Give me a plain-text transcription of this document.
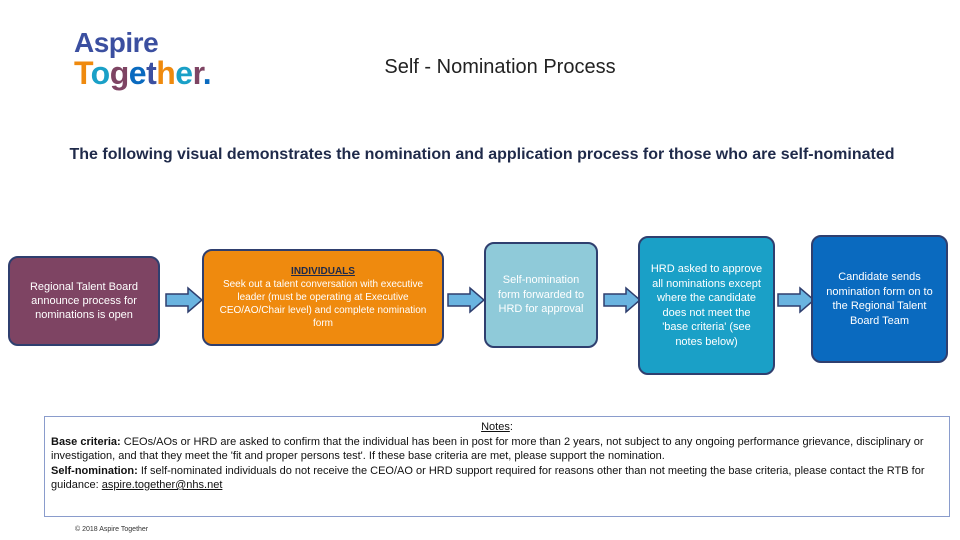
Aspire
Together.	Self - Nomination Process
The following visual demonstrates the nomination and application process for those who are self-nominated
Regional Talent Board announce process for nominations is open
INDIVIDUALS
Seek out a talent conversation with executive leader (must be operating at Executive CEO/AO/Chair level) and complete nomination form
Self-nomination form forwarded to HRD for approval
HRD asked to approve all nominations except where the candidate does not meet the 'base criteria' (see notes below)
Candidate sends nomination form on to the Regional Talent Board Team
Notes:
Base criteria: CEOs/AOs or HRD are asked to confirm that the individual has been in post for more than 2 years, not subject to any ongoing performance grievance, disciplinary or investigation, and that they meet the 'fit and proper persons test'. If these base criteria are met, please support the nomination.
Self-nomination: If self-nominated individuals do not receive the CEO/AO or HRD support required for reasons other than not meeting the base criteria, please contact the RTB for guidance: aspire.together@nhs.net
© 2018 Aspire Together
